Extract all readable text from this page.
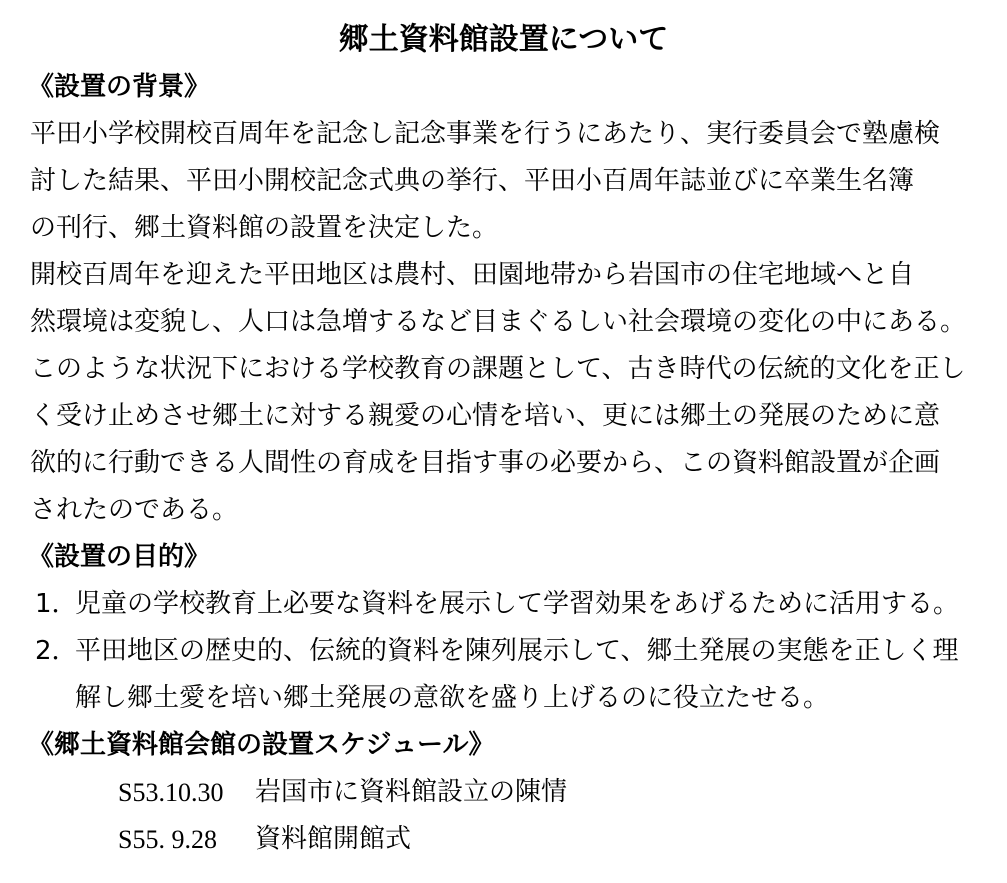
郷土資料館設置について
《設置の背景》
平田小学校開校百周年を記念し記念事業を行うにあたり、実行委員会で塾慮検
討した結果、平田小開校記念式典の挙行、平田小百周年誌並びに卒業生名簿
の刊行、郷土資料館の設置を決定した。
開校百周年を迎えた平田地区は農村、田園地帯から岩国市の住宅地域へと自
然環境は変貌し、人口は急増するなど目まぐるしい社会環境の変化の中にある。
このような状況下における学校教育の課題として、古き時代の伝統的文化を正し
く受け止めさせ郷土に対する親愛の心情を培い、更には郷土の発展のために意
欲的に行動できる人間性の育成を目指す事の必要から、この資料館設置が企画
されたのである。
《設置の目的》
1．
児童の学校教育上必要な資料を展示して学習効果をあげるために活用する。
2．
平田地区の歴史的、伝統的資料を陳列展示して、郷土発展の実態を正しく理
解し郷土愛を培い郷土発展の意欲を盛り上げるのに役立たせる。
《郷土資料館会館の設置スケジュール》
S53.10.30	岩国市に資料館設立の陳情
S55. 9.28	資料館開館式
